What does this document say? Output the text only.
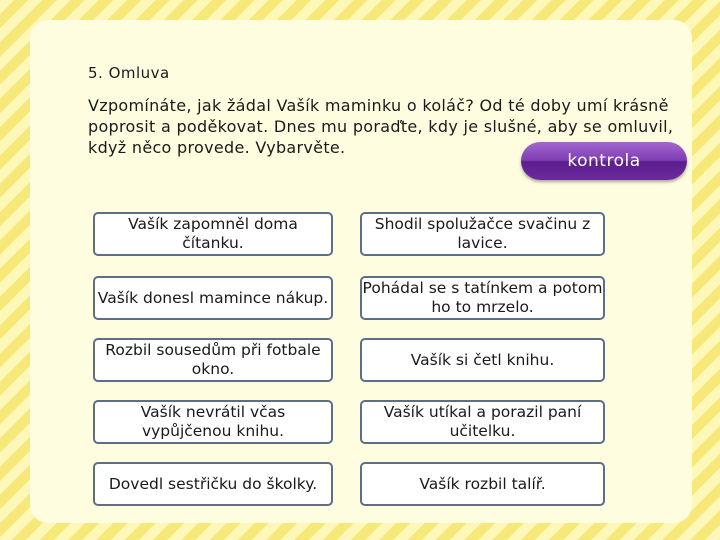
5. Omluva
Vzpomínáte, jak žádal Vašík maminku o koláč? Od té doby umí krásně poprosit a poděkovat. Dnes mu poraďte, kdy je slušné, aby se omluvil, když něco provede. Vybarvěte.
kontrola
Vašík zapomněl doma čítanku.
Shodil spolužačce svačinu z lavice.
Vašík donesl mamince nákup.
Pohádal se s tatínkem a potom ho to mrzelo.
Rozbil sousedům při fotbale okno.
Vašík si četl knihu.
Vašík nevrátil včas vypůjčenou knihu.
Vašík utíkal a porazil paní učitelku.
Dovedl sestřičku do školky.	Vašík rozbil talíř.
